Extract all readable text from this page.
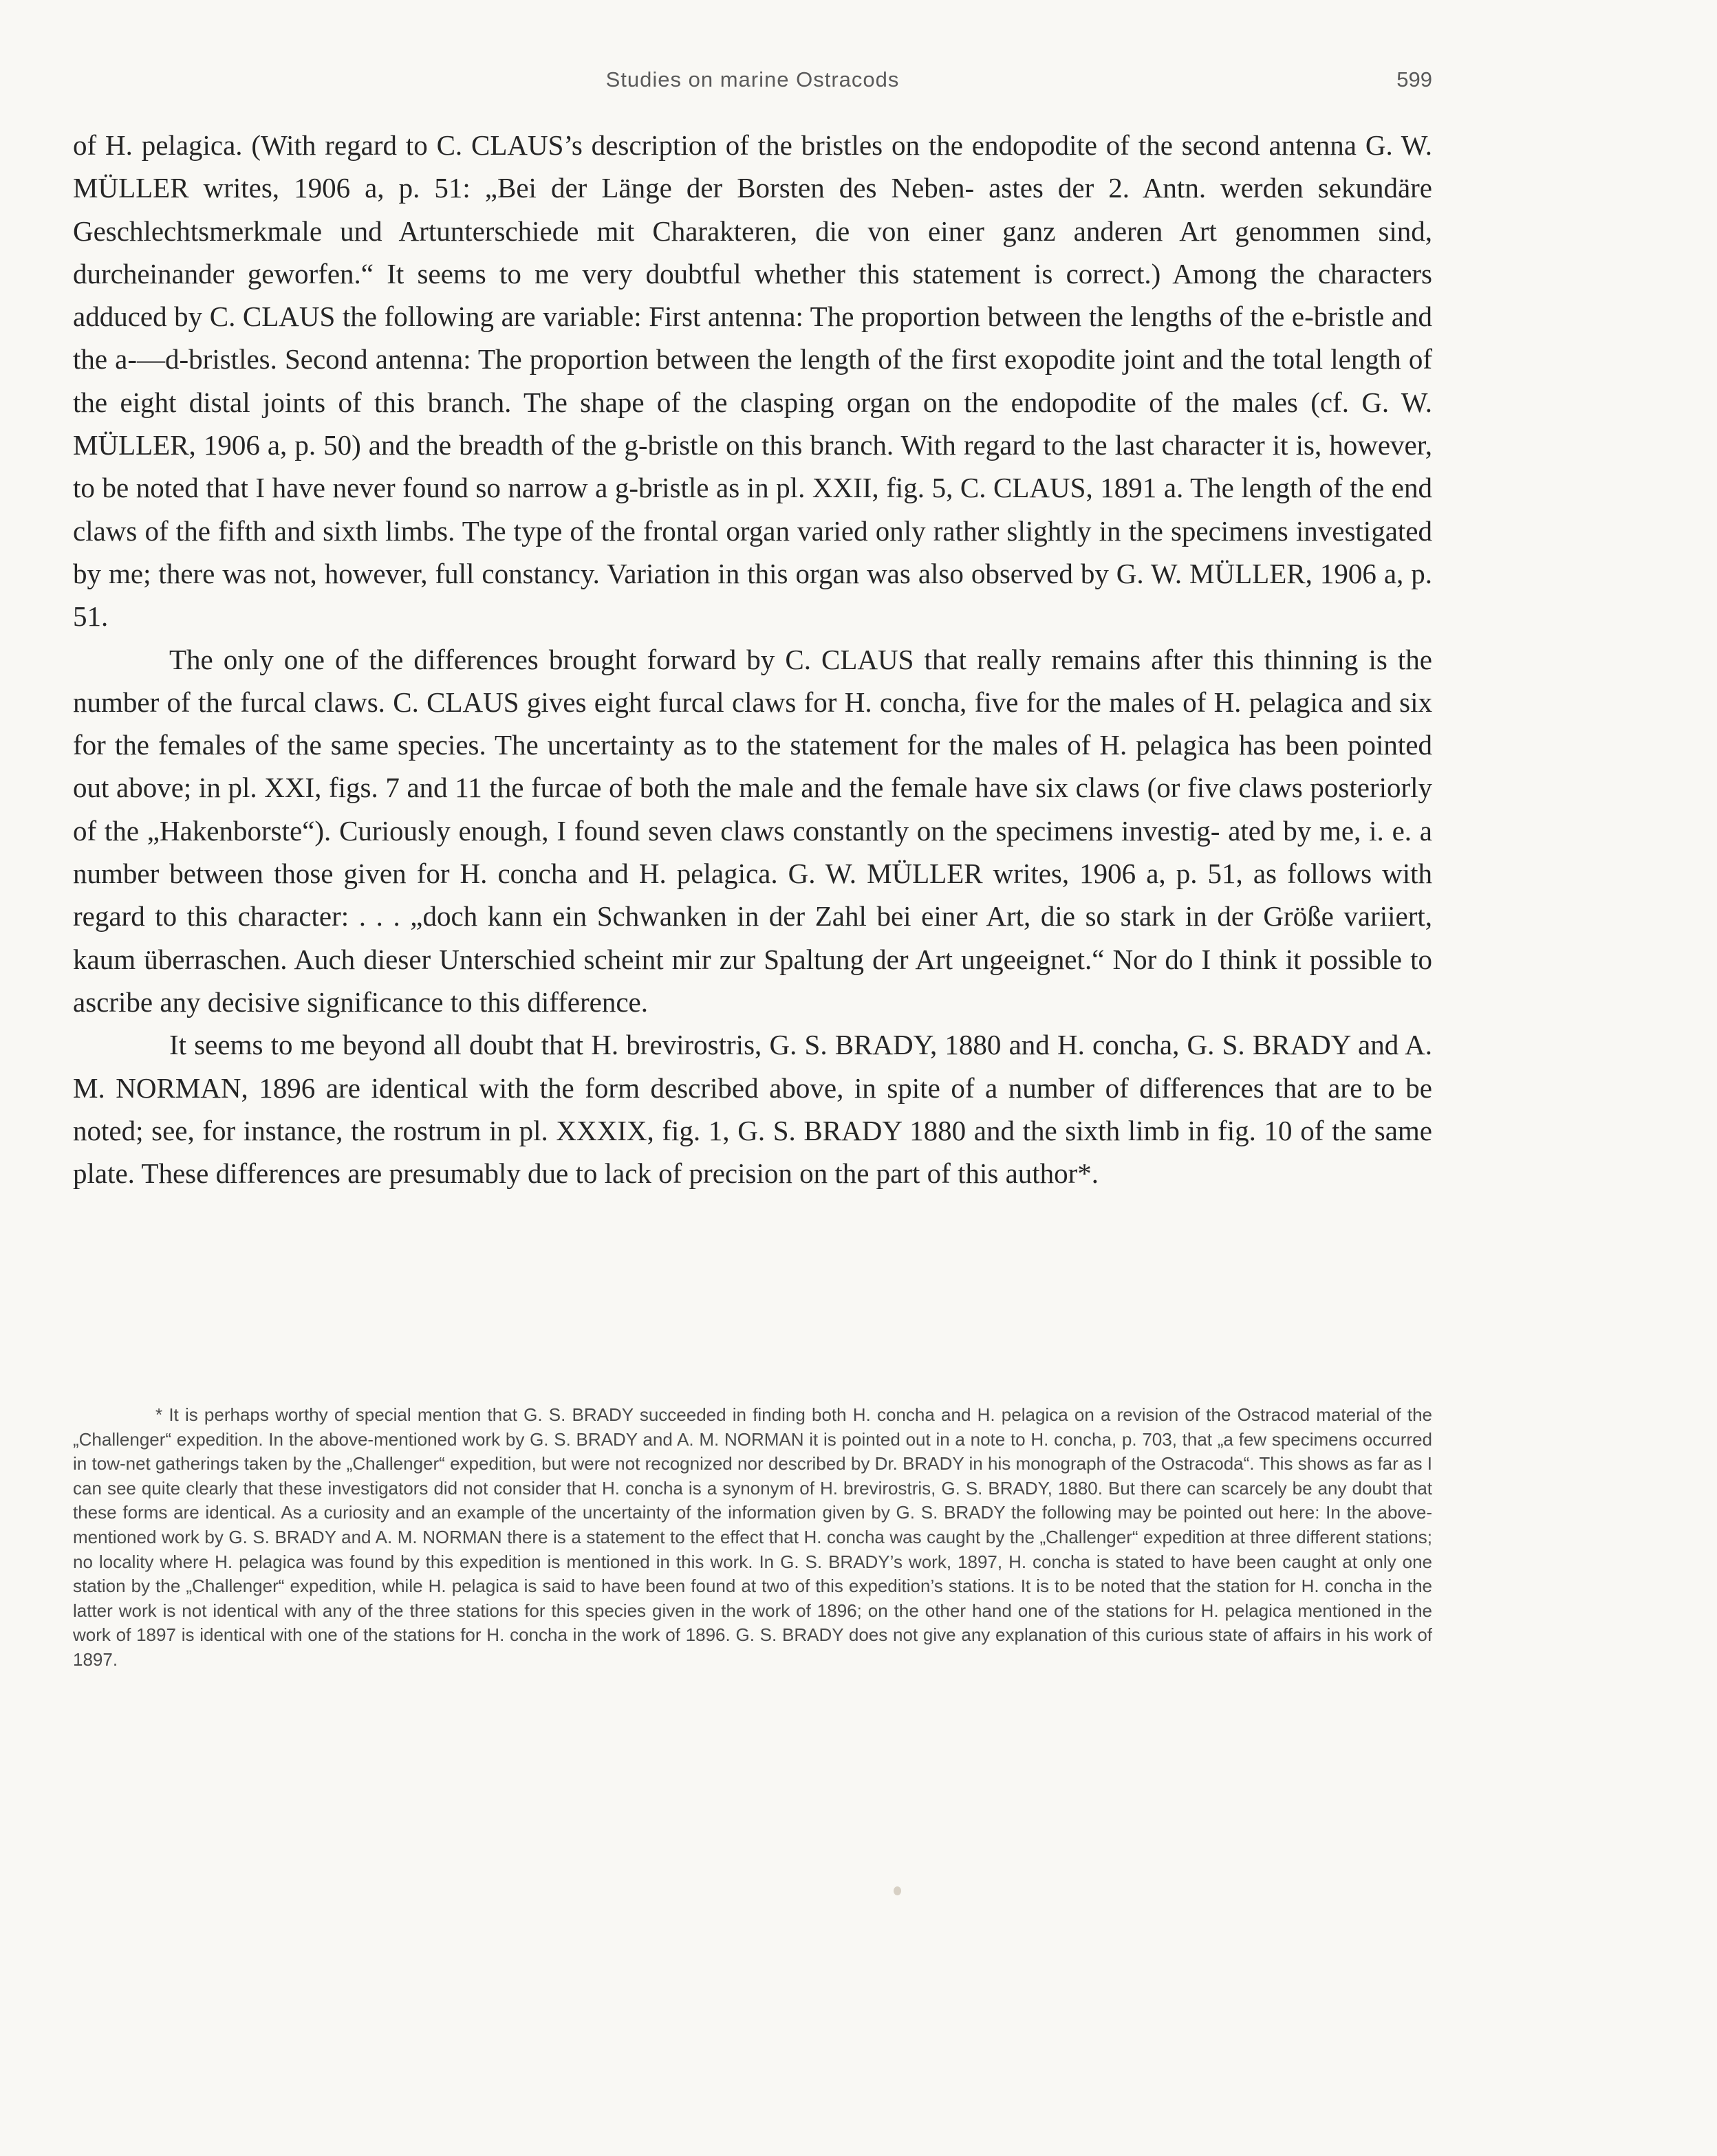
Studies on marine Ostracods	599

of H. pelagica. (With regard to C. CLAUS’s description of the bristles on the endopodite of the second antenna G. W. MÜLLER writes, 1906 a, p. 51: „Bei der Länge der Borsten des Neben- astes der 2. Antn. werden sekundäre Geschlechtsmerkmale und Artunterschiede mit Charakteren, die von einer ganz anderen Art genommen sind, durcheinander geworfen.“ It seems to me very doubtful whether this statement is correct.) Among the characters adduced by C. CLAUS the following are variable: First antenna: The proportion between the lengths of the e-bristle and the a-—d-bristles. Second antenna: The proportion between the length of the first exopodite joint and the total length of the eight distal joints of this branch. The shape of the clasping organ on the endopodite of the males (cf. G. W. MÜLLER, 1906 a, p. 50) and the breadth of the g-bristle on this branch. With regard to the last character it is, however, to be noted that I have never found so narrow a g-bristle as in pl. XXII, fig. 5, C. CLAUS, 1891 a. The length of the end claws of the fifth and sixth limbs. The type of the frontal organ varied only rather slightly in the specimens investigated by me; there was not, however, full constancy. Variation in this organ was also observed by G. W. MÜLLER, 1906 a, p. 51.

The only one of the differences brought forward by C. CLAUS that really remains after this thinning is the number of the furcal claws. C. CLAUS gives eight furcal claws for H. concha, five for the males of H. pelagica and six for the females of the same species. The uncertainty as to the statement for the males of H. pelagica has been pointed out above; in pl. XXI, figs. 7 and 11 the furcae of both the male and the female have six claws (or five claws posteriorly of the „Hakenborste“). Curiously enough, I found seven claws constantly on the specimens investig- ated by me, i. e. a number between those given for H. concha and H. pelagica. G. W. MÜLLER writes, 1906 a, p. 51, as follows with regard to this character: . . . „doch kann ein Schwanken in der Zahl bei einer Art, die so stark in der Größe variiert, kaum überraschen. Auch dieser Unterschied scheint mir zur Spaltung der Art ungeeignet.“ Nor do I think it possible to ascribe any decisive significance to this difference.

It seems to me beyond all doubt that H. brevirostris, G. S. BRADY, 1880 and H. concha, G. S. BRADY and A. M. NORMAN, 1896 are identical with the form described above, in spite of a number of differences that are to be noted; see, for instance, the rostrum in pl. XXXIX, fig. 1, G. S. BRADY 1880 and the sixth limb in fig. 10 of the same plate. These differences are presumably due to lack of precision on the part of this author*.

* It is perhaps worthy of special mention that G. S. BRADY succeeded in finding both H. concha and H. pelagica on a revision of the Ostracod material of the „Challenger“ expedition. In the above-mentioned work by G. S. BRADY and A. M. NORMAN it is pointed out in a note to H. concha, p. 703, that „a few specimens occurred in tow-net gatherings taken by the „Challenger“ expedition, but were not recognized nor described by Dr. BRADY in his monograph of the Ostracoda“. This shows as far as I can see quite clearly that these investigators did not consider that H. concha is a synonym of H. brevirostris, G. S. BRADY, 1880. But there can scarcely be any doubt that these forms are identical. As a curiosity and an example of the uncertainty of the information given by G. S. BRADY the following may be pointed out here: In the above-mentioned work by G. S. BRADY and A. M. NORMAN there is a statement to the effect that H. concha was caught by the „Challenger“ expedition at three different stations; no locality where H. pelagica was found by this expedition is mentioned in this work. In G. S. BRADY’s work, 1897, H. concha is stated to have been caught at only one station by the „Challenger“ expedition, while H. pelagica is said to have been found at two of this expedition’s stations. It is to be noted that the station for H. concha in the latter work is not identical with any of the three stations for this species given in the work of 1896; on the other hand one of the stations for H. pelagica mentioned in the work of 1897 is identical with one of the stations for H. concha in the work of 1896. G. S. BRADY does not give any explanation of this curious state of affairs in his work of 1897.
